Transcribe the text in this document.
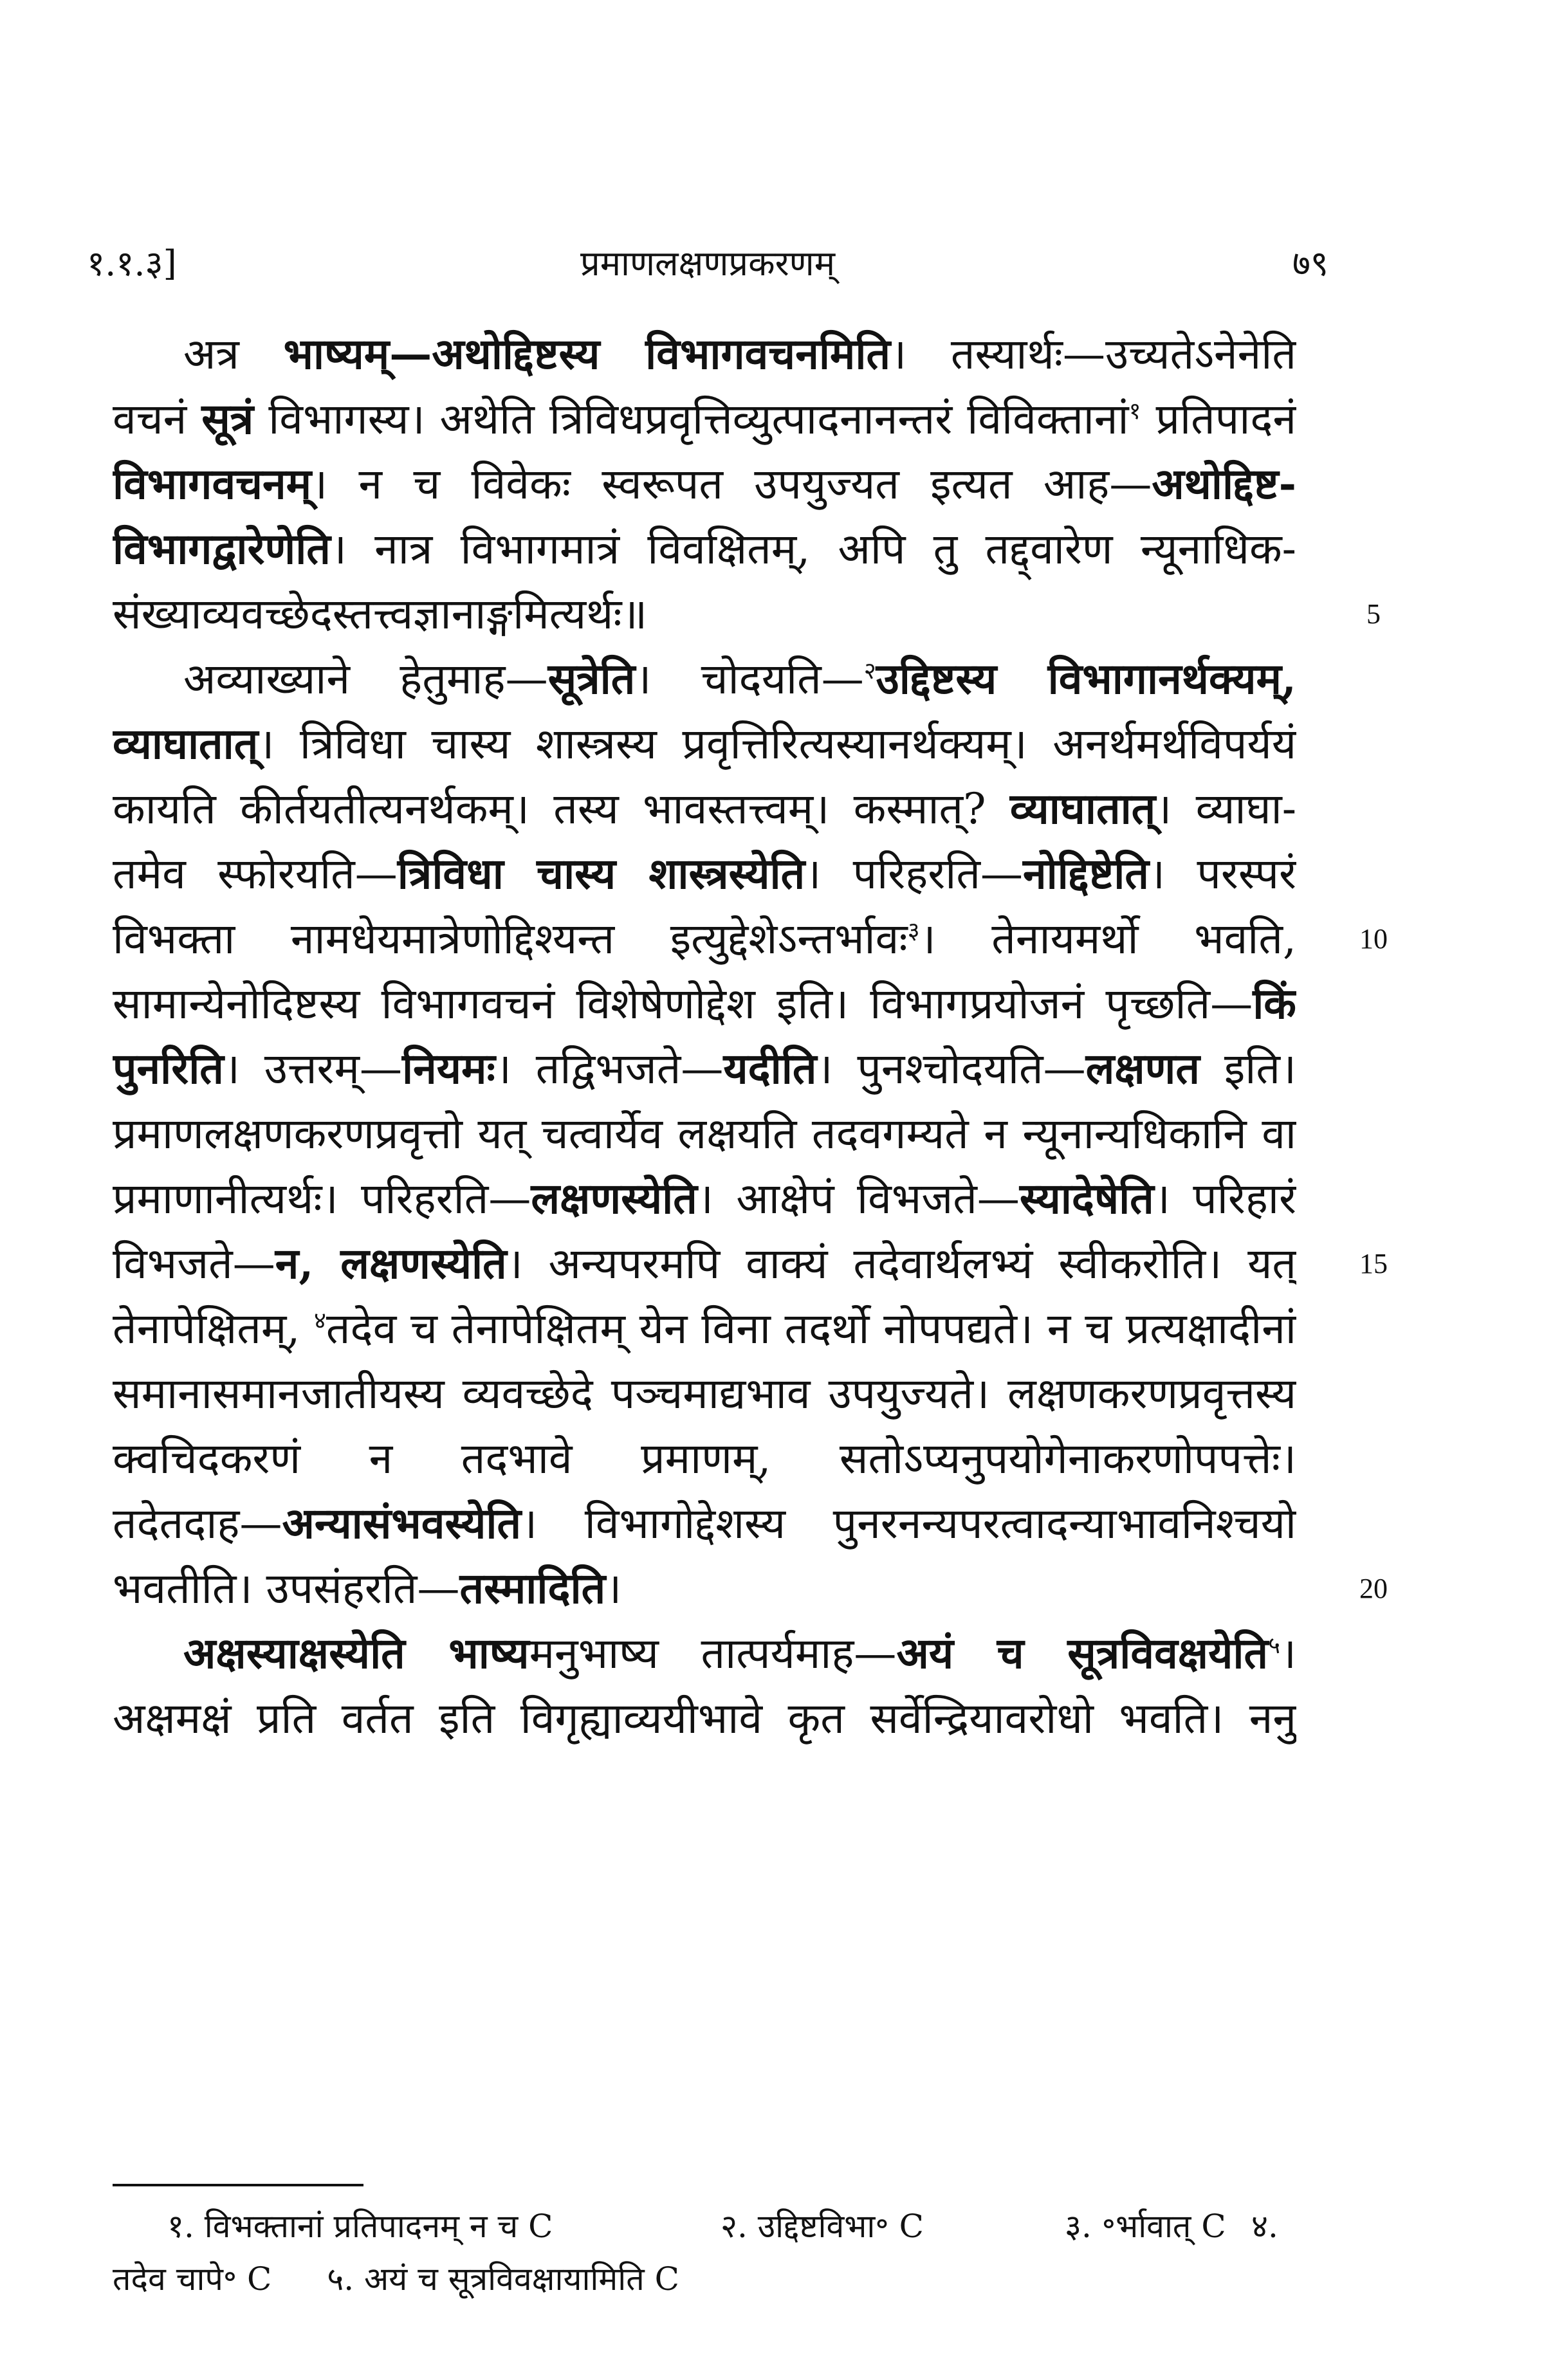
१.१.३]	प्रमाणलक्षणप्रकरणम्	७९
अत्र भाष्यम्—अथोद्दिष्टस्य विभागवचनमिति। तस्यार्थः—उच्यतेऽनेनेति
वचनं सूत्रं विभागस्य। अथेति त्रिविधप्रवृत्तिव्युत्पादनानन्तरं विविक्तानां$^१$ प्रतिपादनं
विभागवचनम्। न च विवेकः स्वरूपत उपयुज्यत इत्यत आह—अथोद्दिष्ट-
विभागद्वारेणेति। नात्र विभागमात्रं विवक्षितम्, अपि तु तद्द्वारेण न्यूनाधिक-
संख्याव्यवच्छेदस्तत्त्वज्ञानाङ्गमित्यर्थः॥
अव्याख्याने हेतुमाह—सूत्रेति। चोदयति—$^२$उद्दिष्टस्य विभागानर्थक्यम्,
व्याघातात्। त्रिविधा चास्य शास्त्रस्य प्रवृत्तिरित्यस्यानर्थक्यम्। अनर्थमर्थविपर्ययं
कायति कीर्तयतीत्यनर्थकम्। तस्य भावस्तत्त्वम्। कस्मात्? व्याघातात्। व्याघा-
तमेव स्फोरयति—त्रिविधा चास्य शास्त्रस्येति। परिहरति—नोद्दिष्टेति। परस्परं
विभक्ता नामधेयमात्रेणोद्दिश्यन्त इत्युद्देशेऽन्तर्भावः$^३$। तेनायमर्थो भवति,
सामान्येनोदिष्टस्य विभागवचनं विशेषेणोद्देश इति। विभागप्रयोजनं पृच्छति—किं
पुनरिति। उत्तरम्—नियमः। तद्विभजते—यदीति। पुनश्चोदयति—लक्षणत इति।
प्रमाणलक्षणकरणप्रवृत्तो यत् चत्वार्येव लक्षयति तदवगम्यते न न्यूनान्यधिकानि वा
प्रमाणानीत्यर्थः। परिहरति—लक्षणस्येति। आक्षेपं विभजते—स्यादेषेति। परिहारं
विभजते—न, लक्षणस्येति। अन्यपरमपि वाक्यं तदेवार्थलभ्यं स्वीकरोति। यत्
तेनापेक्षितम्, $^४$तदेव च तेनापेक्षितम् येन विना तदर्थो नोपपद्यते। न च प्रत्यक्षादीनां
समानासमानजातीयस्य व्यवच्छेदे पञ्चमाद्यभाव उपयुज्यते। लक्षणकरणप्रवृत्तस्य
क्वचिदकरणं न तदभावे प्रमाणम्, सतोऽप्यनुपयोगेनाकरणोपपत्तेः।
तदेतदाह—अन्यासंभवस्येति। विभागोद्देशस्य पुनरनन्यपरत्वादन्याभावनिश्चयो
भवतीति। उपसंहरति—तस्मादिति।
अक्षस्याक्षस्येति भाष्यमनुभाष्य तात्पर्यमाह—अयं च सूत्रविवक्षयेति$^५$।
अक्षमक्षं प्रति वर्तत इति विगृह्याव्ययीभावे कृत सर्वेन्द्रियावरोधो भवति। ननु
5
10
15
20
१. विभक्तानां प्रतिपादनम् न च C	२. उद्दिष्टविभा॰ C	३. ॰र्भावात् C ४.
तदेव चापे॰ C ५. अयं च सूत्रविवक्षायामिति C
